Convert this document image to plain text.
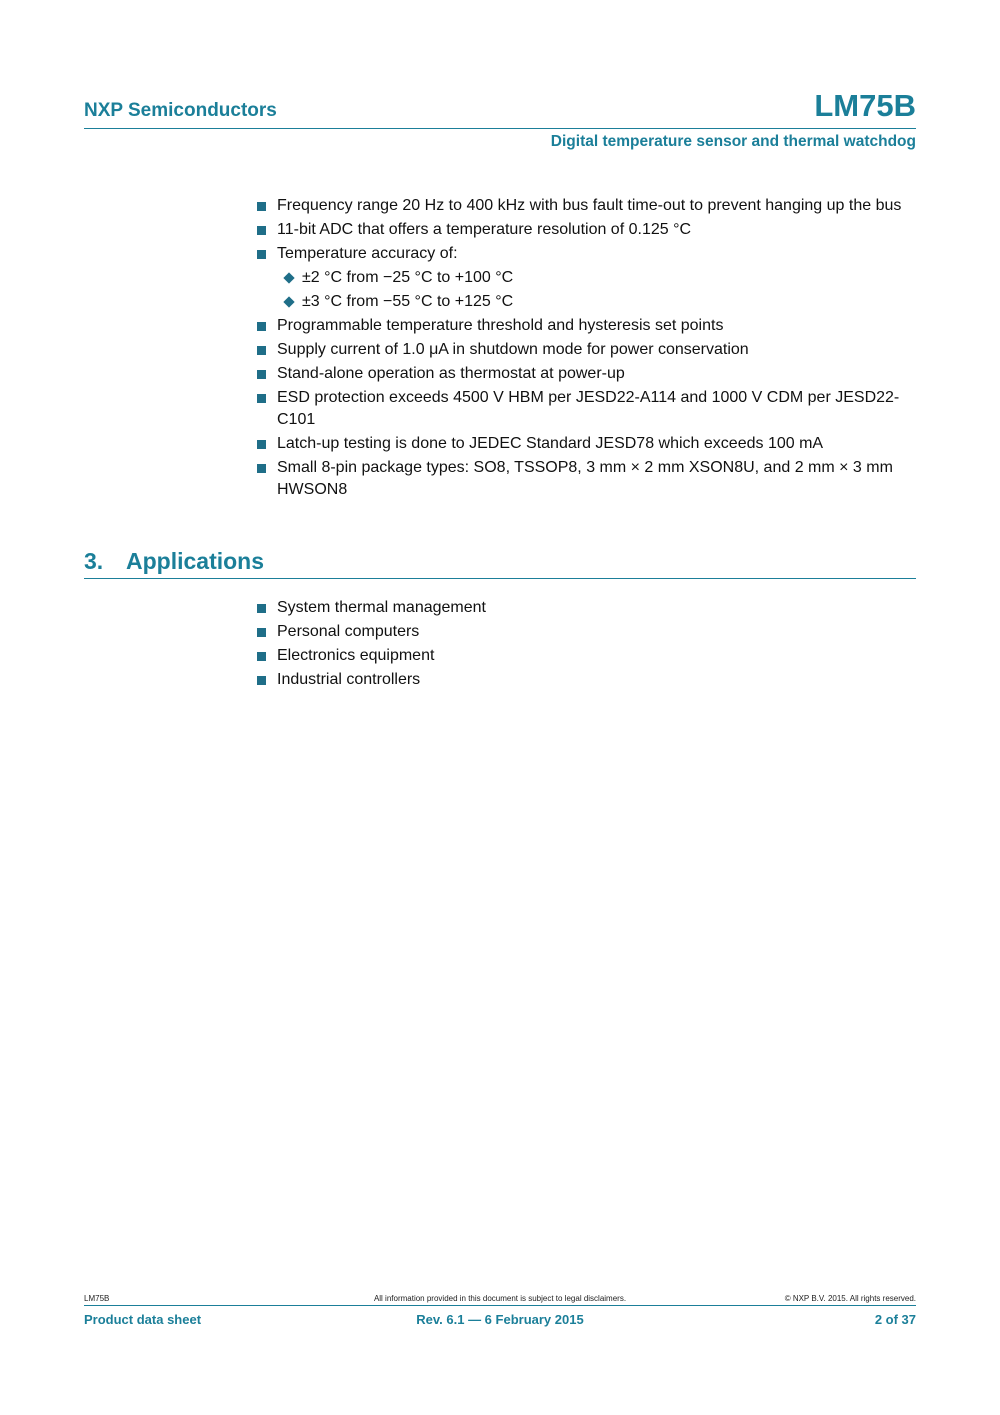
NXP Semiconductors	LM75B
Digital temperature sensor and thermal watchdog
Frequency range 20 Hz to 400 kHz with bus fault time-out to prevent hanging up the bus
11-bit ADC that offers a temperature resolution of 0.125 °C
Temperature accuracy of:
±2 °C from −25 °C to +100 °C
±3 °C from −55 °C to +125 °C
Programmable temperature threshold and hysteresis set points
Supply current of 1.0 μA in shutdown mode for power conservation
Stand-alone operation as thermostat at power-up
ESD protection exceeds 4500 V HBM per JESD22-A114 and 1000 V CDM per JESD22-C101
Latch-up testing is done to JEDEC Standard JESD78 which exceeds 100 mA
Small 8-pin package types: SO8, TSSOP8, 3 mm × 2 mm XSON8U, and 2 mm × 3 mm HWSON8
3. Applications
System thermal management
Personal computers
Electronics equipment
Industrial controllers
LM75B	All information provided in this document is subject to legal disclaimers.	© NXP B.V. 2015. All rights reserved.
Product data sheet	Rev. 6.1 — 6 February 2015	2 of 37
